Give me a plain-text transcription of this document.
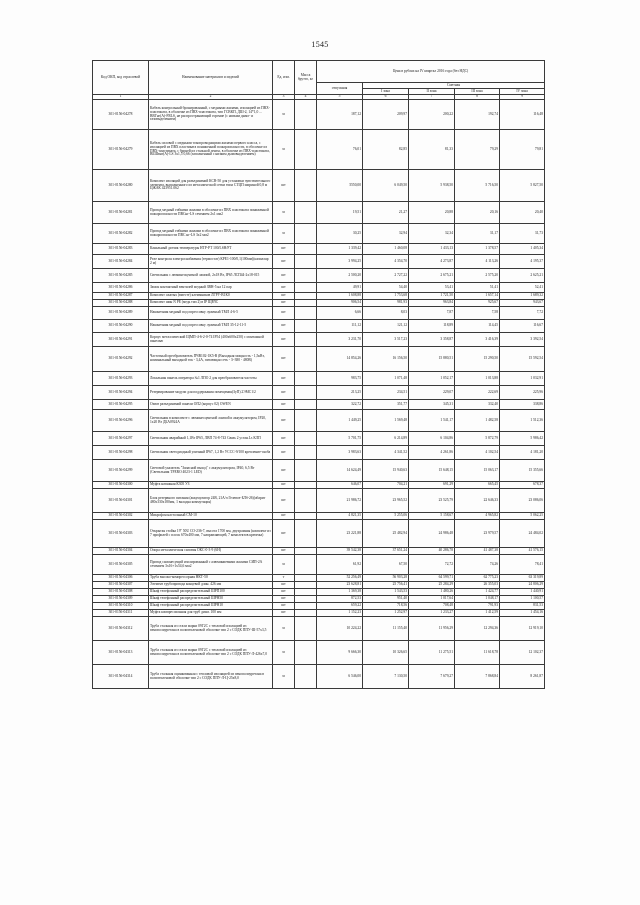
1545
Код ОКП, код отраслевой	Наименование материалов и изделий	Ед. изм.	Масса брутто, кг	Цена в рублях на IV квартал 2016 года (без НДС)				
				отпускная	Сметная			
					I зона	II зона	III зона	IV зона
1	2	3	4	5	6	7	8	9
301-0156-04278	Кабель контрольный бронированный, с медными жилами, изоляцией из ПВХ-пластиката, в оболочке из ПВХ-пластиката, тип ГСВКП, ДШ-2, 14*1,0 ... ВВГнг(А)-FRLS, не распространяющий горение (с низким дымо- и газовыделением)	м		187,12	209,97	200,22	192,74	116,48
301-0156-04279	Кабель силовой с медными токопроводящими жилами первого класса, с изоляцией из ПВХ пластиката пониженной пожароопасности, в оболочке из ПВХ-пластиката, с броней из стальной ленты, в оболочке из ПВХ-пластиката, ВБШвнг(А)-LS 3х1,5 0,66 (заполненный с низким дымовыделением)	м		76,01	82,85	81,33	79,29	79,81
301-0156-04280	Комплект изоляций для разъединений КСВ-50 для установки чувствительного элемента, выполненного из металлической сетки типа СТЦП шириной 0,8 м ЦЖАК 423951.062	шт		5550,00	6 049,50	5 938,50	5 716,50	5 827,50
301-0156-04281	Провод медный гибкими жилами в оболочке из ПВХ пластиката пониженной пожароопасности ПВСнг-LS сечением 2х1 мм2	м		19,51	21,27	20,88	20,16	20,40
301-0156-04282	Провод медный гибкими жилами в оболочке из ПВХ пластиката пониженной пожароопасности ПВС нг-LS 3х2 мм2	м		30,25	32,94	32,34	31,17	31,73
301-0156-04283	Канальный датчик температуры НТР-РТ 100/LSH/FT	шт		1 339,42	1 460,08	1 433,13	1 378,57	1 405,34
301-0156-04284	Реле контроля электроснабжения (термостат) КРЕ1-100/0,1(100мм)(капилляр 2 м)	шт		3 994,25	4 354,70	4 273,87	4 113,26	4 195,37
301-0156-04285	Светильник с люминесцентной лампой, 2х18 Вт, IP65 ЛСП44-2х18-015	шт		2 500,20	2 727,22	2 675,21	2 575,20	2 625,21
301-0156-04286	Замок контактный вентилей медный ЗВН-5 на 12 пар	шт		49,91	54,40	53,41	51,41	52,41
301-0156-04287	Комплект сжатых (вместе) клеммников ЛГРУ-В1К0	шт		1 608,88	1 753,68	1 721,50	1 657,14	1 689,32
301-0156-04288	Комплект шин N PE (медь тип 2) в IP ЩРЛС	шт		906,54	981,93	963,84	925,67	943,67
301-0156-04289	Наконечник медный под опрессовку луженый ТМЛ 4-6-5	шт		6,66	8,03	7,87	7,58	7,72
301-0156-04290	Наконечник медный под опрессовку луженый ТМЛ 35-12-11-5	шт		111,12	121,12	118,89	114,45	116,67
301-0156-04291	Корпус металлический ЩМП-4-6-2-0-74 IP54 (400х600х250) с монтажной панелью	шт		3 231,70	3 517,23	3 358,87	3 416,39	3 392,54
301-0156-04292	Частотный преобразователь ПЧВ102-1К5-В (Выходная мощность - 1,5кВт, номинальный выходной ток - 3,4А, питающая сеть - 3~380 - 480В)	шт		14 854,26	16 156,50	15 880,51	15 290,50	15 592,54
301-0156-04293	Локальная панель оператора №1 ЛПО 2 для преобразователя частоты	шт		983,75	1 071,48	1 052,17	1 013,88	1 032,91
301-0156-04294	Резервирование модули для поддержания помещения(ЗуП) 2ЭМС1/2	шт		213,25	234,51	229,07	222,69	225,96
301-0156-04295	Охват разъединений панели ОП2 (корпус 02) OWEN	шт		322,72	351,77	345,31	332,40	338,86
301-0156-04296	Светильник в комплекте с люминесцентной лампой и аккумулятором, IP20, 1х20 Вт ДБА0924А	шт		1 449,25	1 569,48	1 541,17	1 482,58	1 512,36
301-0156-04297	Светильник аварийный 1,1Вт IP65, ЛВП 74-8-743 Связь 2 устан.Ls КЛП	шт		5 701,75	6 214,89	6 104,86	5 872,79	5 986,42
301-0156-04298	Светильник светодиодный уличный IP67, 1,2 Вт УССС-9/100 крепление-скоба	шт		3 983,63	4 341,52	4 261,86	4 102,54	4 181,20
301-0156-04299	Световой указатель "Запасной выход" с аккумулятором, IP40, 6,5 Вт (Светильник TFERO 4023-1 LED)	шт		14 624,49	15 940,63	15 648,15	15 063,17	15 355,66
301-0156-04300	Муфта натяжная КЗ05 УЗ	шт		646,07	704,21	691,29	665,45	678,37
301-0156-04301	Блок резервного питания (аккумулятор 24В, 21А/ч Гелевое-БЛб-26)(абарит 480х330х180мм, 1 вкладка коммутация)	шт		21 986,72	23 965,52	23 525,79	22 646,33	23 086,06
301-0156-04302	Микрофон настольный СМ-10	шт		4 821,35	5 255,06	5 158,67	4 965,82	5 062,25
301-0156-04303	Открытая стойка 19" 50U CO-236-7, высота 1700 мм, двухрамная (комплект из 7 профилей с плоск 670х400 мм, 7 направляющей, 7 комплектов крепежа)	шт		23 221,88	25 482,94	24 986,48	23 979,57	24 484,02
301-0156-04304	Опора металлическая силовая ОКС-0-3-9 (6Н)	шт		39 542,38	37 651,24	40 286,78	41 487,38	41 576,15
301-0156-04305	Провод самонесущий изолированный с алюминиевыми жилами СИП-2А сечением 3х16+1х54,6 мм2	м		61,92	67,50	72,72	74,26	78,41
301-0156-04306	Труба высоко-компрессорная НКТ-50	т		52 256,49	56 903,28	64 599,71	62 775,23	63 319,89
301-0156-04307	Элемент трубопровода концевой длин. 426 мм	шт		23 628,81	25 756,41	25 284,29	26 355,03	24 806,29
301-0156-04308	Шкаф телефонный распределительный ШРП100	шт		1 369,38	1 543,53	1 480,26	1 424,77	1 440,91
301-0156-04309	Шкаф телефонный распределительный ШРН50	шт		872,53	951,40	1 017,64	1 048,17	1 100,57
301-0156-04310	Шкаф телефонный распределительный ШРН10	шт		659,22	718,56	708,48	791,93	831,53
301-0156-04311	Муфта компрессионная для труб диам. 100 мм	шт		1 152,23	1 252,97	1 233,27	1 412,59	1 454,16
301-0156-04312	Труба стальная из стали марки 09Г2С с тепловой изоляцией из пенополиуретана в полиэтиленовой оболочке тип 2 с СОДК ППУ-Ш-57х3,5	м		10 224,22	11 155,40	11 956,29	12 294,36	12 919,10
301-0156-04313	Труба стальная из стали марки 09Г2С с тепловой изоляцией из пенополиуретана в полиэтиленовой оболочке тип 2 с СОДК ППУ-Л-426х7,0	м		9 666,30	10 326,65	11 275,51	11 618,78	12 102,37
301-0156-04314	Труба стальная оцинкованная с тепловой изоляцией из пенополиуретана в полиэтиленовой оболочке тип 2 с СОДК ППУ-Л-Ц-25х8,0	м		6 546,00	7 130,50	7 679,27	7 868,84	8 261,87
